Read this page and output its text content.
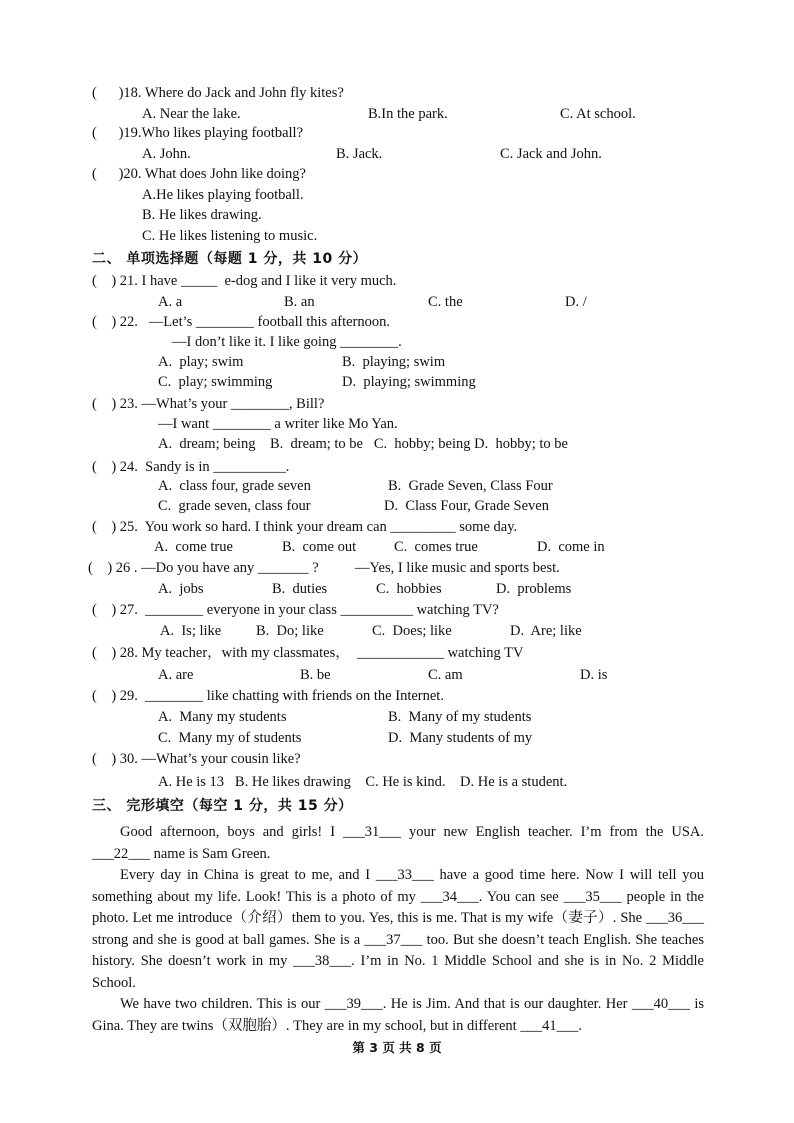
(      )18. Where do Jack and John fly kites?
A. Near the lake.	B.In the park.	C. At school.
(      )19.Who likes playing football?
A. John.	B. Jack.	C. Jack and John.
(      )20. What does John like doing?
A.He likes playing football.
B. He likes drawing.
C. He likes listening to music.
二、 单项选择题（每题 1 分，共 10 分）
(    ) 21. I have _____  e-dog and I like it very much.
A. a	B. an	C. the	D. /
(    ) 22.   —Let’s ________ football this afternoon.
—I don’t like it. I like going ________.
A.  play; swim	B.  playing; swim
C.  play; swimming	D.  playing; swimming
(    ) 23. —What’s your ________, Bill?
—I want ________ a writer like Mo Yan.
A.  dream; being    B.  dream; to be   C.  hobby; being D.  hobby; to be
(    ) 24.  Sandy is in __________.
A.  class four, grade seven	B.  Grade Seven, Class Four
C.  grade seven, class four	D.  Class Four, Grade Seven
(    ) 25.  You work so hard. I think your dream can _________ some day.
A.  come true	B.  come out	C.  comes true	D.  come in
(    ) 26 . —Do you have any _______ ?          —Yes, I like music and sports best.
A.  jobs	B.  duties	C.  hobbies	D.  problems
(    ) 27.  ________ everyone in your class __________ watching TV?
A.  Is; like B.  Do; like	C.  Does; like	D.  Are; like
(    ) 28. My teacher，with my classmates，  ____________ watching TV
A. are	B. be	C. am	D. is
(    ) 29.  ________ like chatting with friends on the Internet.
A.  Many my students	B.  Many of my students
C.  Many my of students	D.  Many students of my
(    ) 30. —What’s your cousin like?
A. He is 13   B. He likes drawing    C. He is kind.    D. He is a student.
三、 完形填空（每空 1 分，共 15 分）

Good afternoon, boys and girls! I ___31___ your new English teacher. I’m from the USA. ___22___ name is Sam Green.

Every day in China is great to me, and I ___33___ have a good time here. Now I will tell you something about my life. Look! This is a photo of my ___34___. You can see ___35___ people in the photo. Let me introduce（介绍）them to you. Yes, this is me. That is my wife（妻子）. She ___36___ strong and she is good at ball games. She is a ___37___ too. But she doesn’t teach English. She teaches history. She doesn’t work in my ___38___. I’m in No. 1 Middle School and she is in No. 2 Middle School.

We have two children. This is our ___39___. He is Jim. And that is our daughter. Her ___40___ is Gina. They are twins（双胞胎）. They are in my school, but in different ___41___.

第 3 页 共 8 页
